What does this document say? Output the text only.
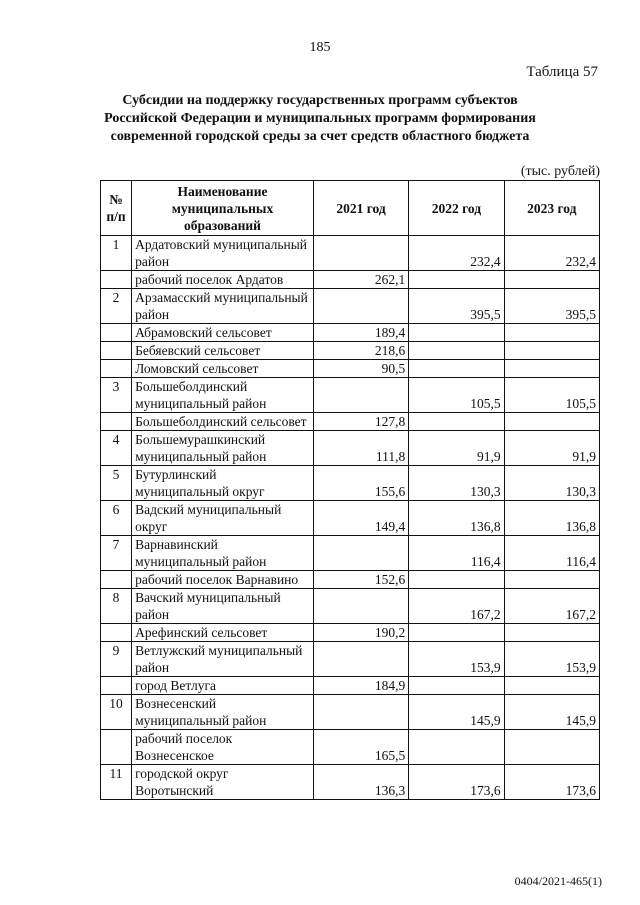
185
Таблица 57
Субсидии на поддержку государственных программ субъектов Российской Федерации и муниципальных программ формирования современной городской среды за счет средств областного бюджета
(тыс. рублей)
№ п/п	Наименование муниципальных образований	2021 год	2022 год	2023 год
1	Ардатовский муниципальный район		232,4	232,4
	рабочий поселок Ардатов	262,1		
2	Арзамасский муниципальный район		395,5	395,5
	Абрамовский сельсовет	189,4		
	Бебяевский сельсовет	218,6		
	Ломовский сельсовет	90,5		
3	Большеболдинский муниципальный район		105,5	105,5
	Большеболдинский сельсовет	127,8		
4	Большемурашкинский муниципальный район	111,8	91,9	91,9
5	Бутурлинский муниципальный округ	155,6	130,3	130,3
6	Вадский муниципальный округ	149,4	136,8	136,8
7	Варнавинский муниципальный район		116,4	116,4
	рабочий поселок Варнавино	152,6		
8	Вачский муниципальный район		167,2	167,2
	Арефинский сельсовет	190,2		
9	Ветлужский муниципальный район		153,9	153,9
	город Ветлуга	184,9		
10	Вознесенский муниципальный район		145,9	145,9
	рабочий поселок Вознесенское	165,5		
11	городской округ Воротынский	136,3	173,6	173,6
0404/2021-465(1)
